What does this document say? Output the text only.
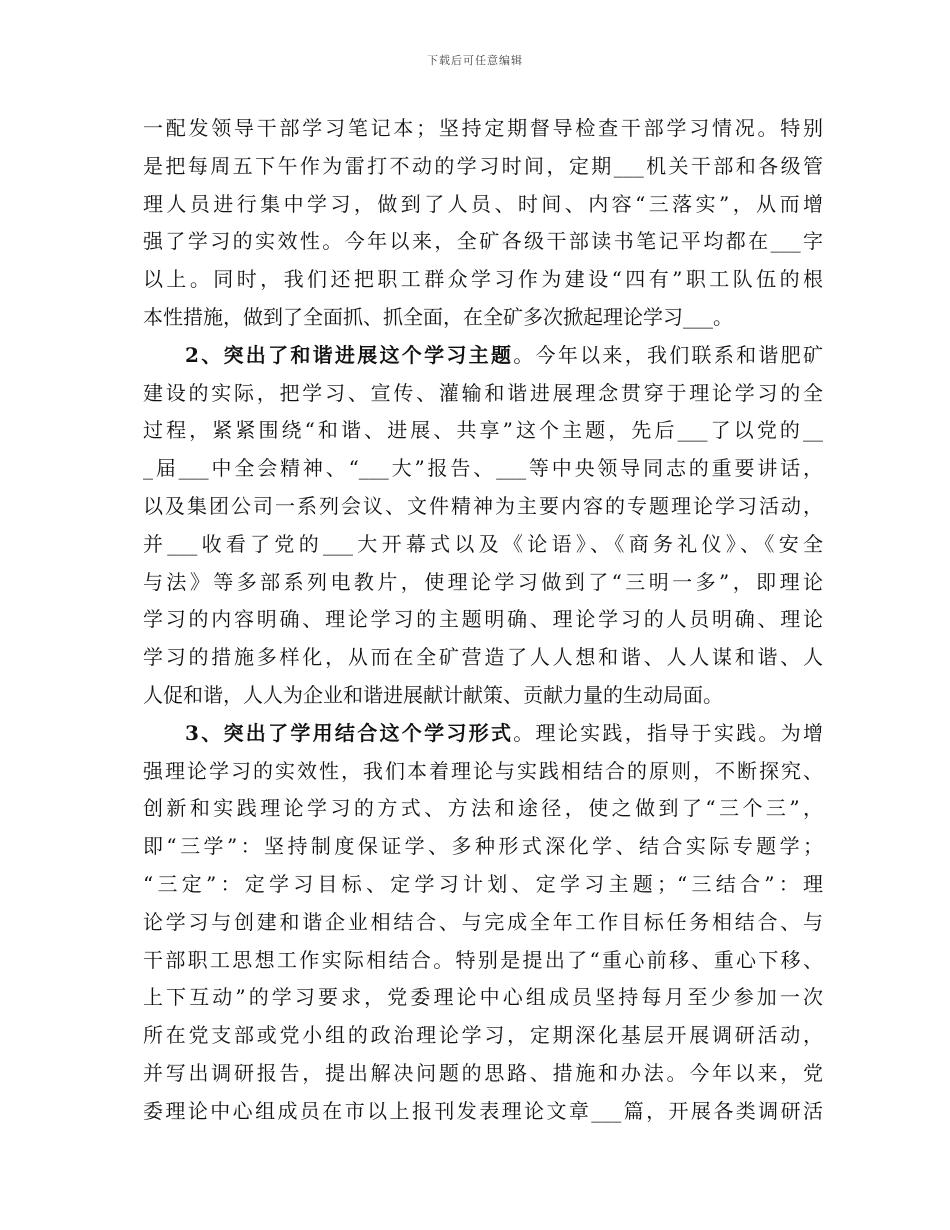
下载后可任意编辑
一配发领导干部学习笔记本；坚持定期督导检查干部学习情况。特别
是把每周五下午作为雷打不动的学习时间，定期___机关干部和各级管
理人员进行集中学习，做到了人员、时间、内容“三落实”，从而增
强了学习的实效性。今年以来，全矿各级干部读书笔记平均都在___字
以上。同时，我们还把职工群众学习作为建设“四有”职工队伍的根
本性措施，做到了全面抓、抓全面，在全矿多次掀起理论学习___。
2、突出了和谐进展这个学习主题。今年以来，我们联系和谐肥矿
建设的实际，把学习、宣传、灌输和谐进展理念贯穿于理论学习的全
过程，紧紧围绕“和谐、进展、共享”这个主题，先后___了以党的__
_届___中全会精神、“___大”报告、___等中央领导同志的重要讲话，
以及集团公司一系列会议、文件精神为主要内容的专题理论学习活动，
并___收看了党的___大开幕式以及《论语》、《商务礼仪》、《安全
与法》等多部系列电教片，使理论学习做到了“三明一多”，即理论
学习的内容明确、理论学习的主题明确、理论学习的人员明确、理论
学习的措施多样化，从而在全矿营造了人人想和谐、人人谋和谐、人
人促和谐，人人为企业和谐进展献计献策、贡献力量的生动局面。
3、突出了学用结合这个学习形式。理论实践，指导于实践。为增
强理论学习的实效性，我们本着理论与实践相结合的原则，不断探究、
创新和实践理论学习的方式、方法和途径，使之做到了“三个三”，
即“三学”：坚持制度保证学、多种形式深化学、结合实际专题学；
“三定”：定学习目标、定学习计划、定学习主题；“三结合”：理
论学习与创建和谐企业相结合、与完成全年工作目标任务相结合、与
干部职工思想工作实际相结合。特别是提出了“重心前移、重心下移、
上下互动”的学习要求，党委理论中心组成员坚持每月至少参加一次
所在党支部或党小组的政治理论学习，定期深化基层开展调研活动，
并写出调研报告，提出解决问题的思路、措施和办法。今年以来，党
委理论中心组成员在市以上报刊发表理论文章___篇，开展各类调研活
